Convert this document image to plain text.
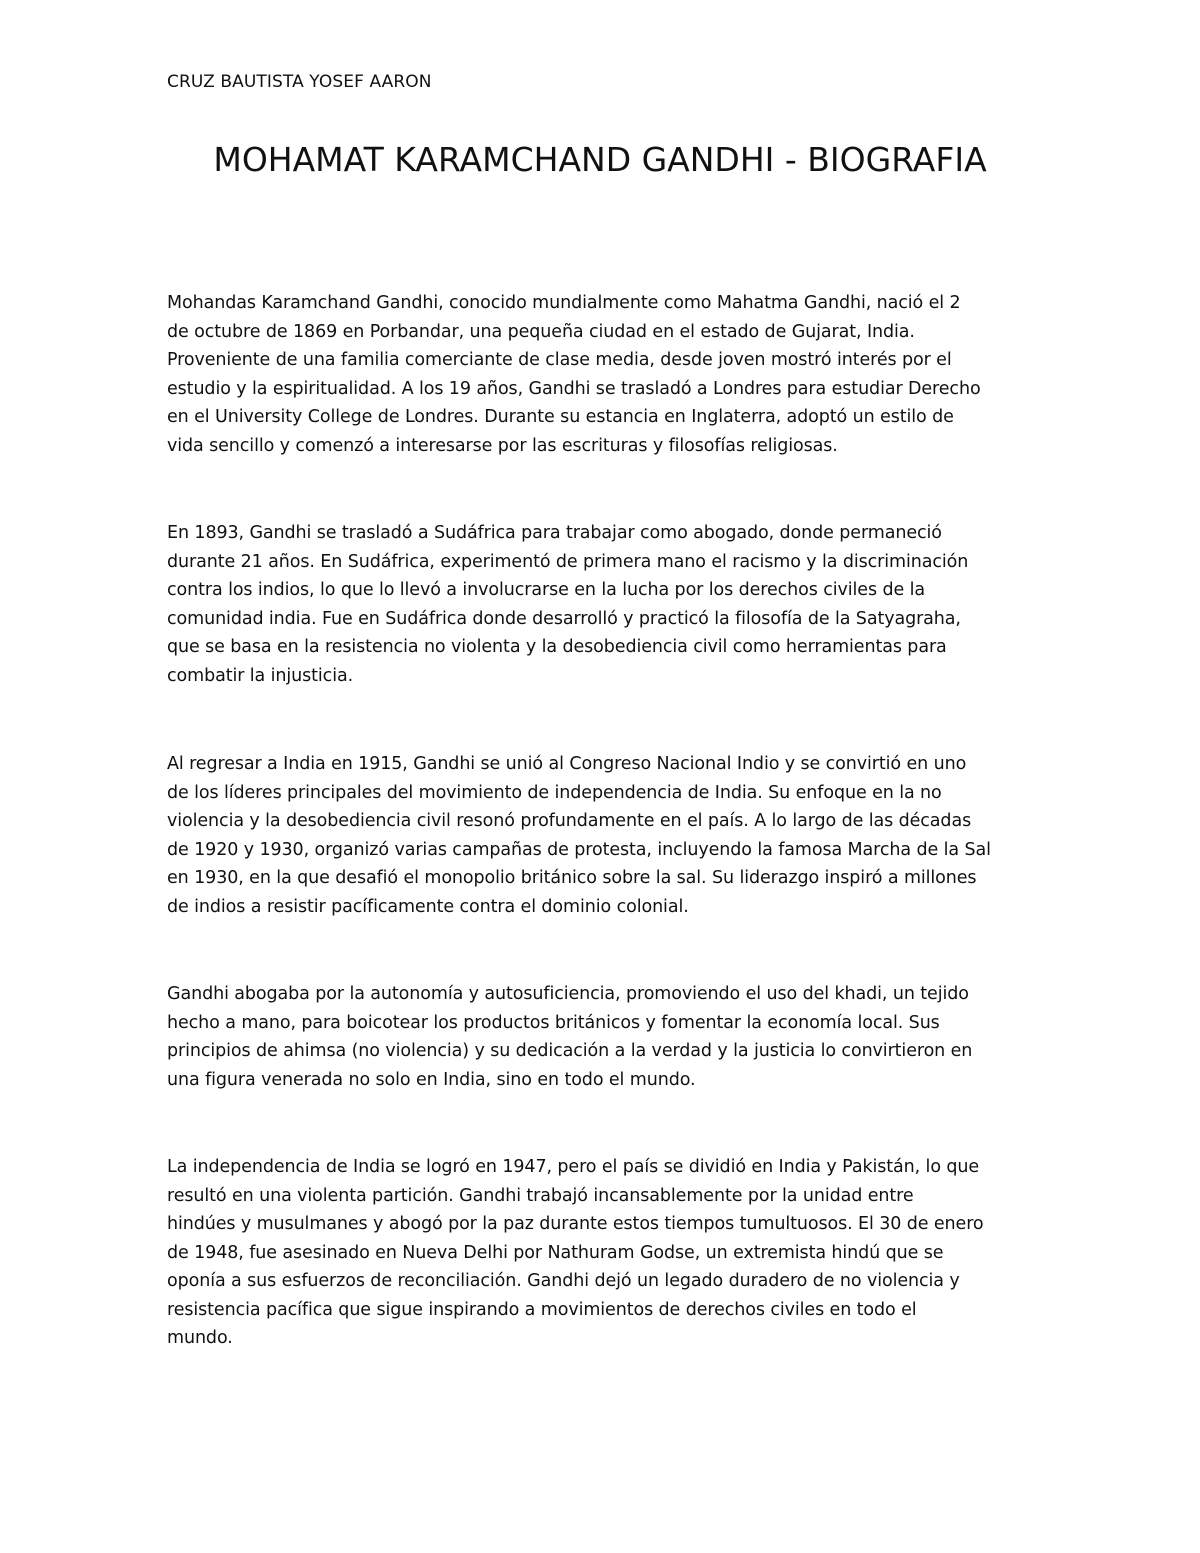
CRUZ BAUTISTA YOSEF AARON
MOHAMAT KARAMCHAND GANDHI - BIOGRAFIA

Mohandas Karamchand Gandhi, conocido mundialmente como Mahatma Gandhi, nació el 2
de octubre de 1869 en Porbandar, una pequeña ciudad en el estado de Gujarat, India.
Proveniente de una familia comerciante de clase media, desde joven mostró interés por el
estudio y la espiritualidad. A los 19 años, Gandhi se trasladó a Londres para estudiar Derecho
en el University College de Londres. Durante su estancia en Inglaterra, adoptó un estilo de
vida sencillo y comenzó a interesarse por las escrituras y filosofías religiosas.

En 1893, Gandhi se trasladó a Sudáfrica para trabajar como abogado, donde permaneció
durante 21 años. En Sudáfrica, experimentó de primera mano el racismo y la discriminación
contra los indios, lo que lo llevó a involucrarse en la lucha por los derechos civiles de la
comunidad india. Fue en Sudáfrica donde desarrolló y practicó la filosofía de la Satyagraha,
que se basa en la resistencia no violenta y la desobediencia civil como herramientas para
combatir la injusticia.

Al regresar a India en 1915, Gandhi se unió al Congreso Nacional Indio y se convirtió en uno
de los líderes principales del movimiento de independencia de India. Su enfoque en la no
violencia y la desobediencia civil resonó profundamente en el país. A lo largo de las décadas
de 1920 y 1930, organizó varias campañas de protesta, incluyendo la famosa Marcha de la Sal
en 1930, en la que desafió el monopolio británico sobre la sal. Su liderazgo inspiró a millones
de indios a resistir pacíficamente contra el dominio colonial.

Gandhi abogaba por la autonomía y autosuficiencia, promoviendo el uso del khadi, un tejido
hecho a mano, para boicotear los productos británicos y fomentar la economía local. Sus
principios de ahimsa (no violencia) y su dedicación a la verdad y la justicia lo convirtieron en
una figura venerada no solo en India, sino en todo el mundo.

La independencia de India se logró en 1947, pero el país se dividió en India y Pakistán, lo que
resultó en una violenta partición. Gandhi trabajó incansablemente por la unidad entre
hindúes y musulmanes y abogó por la paz durante estos tiempos tumultuosos. El 30 de enero
de 1948, fue asesinado en Nueva Delhi por Nathuram Godse, un extremista hindú que se
oponía a sus esfuerzos de reconciliación. Gandhi dejó un legado duradero de no violencia y
resistencia pacífica que sigue inspirando a movimientos de derechos civiles en todo el
mundo.
